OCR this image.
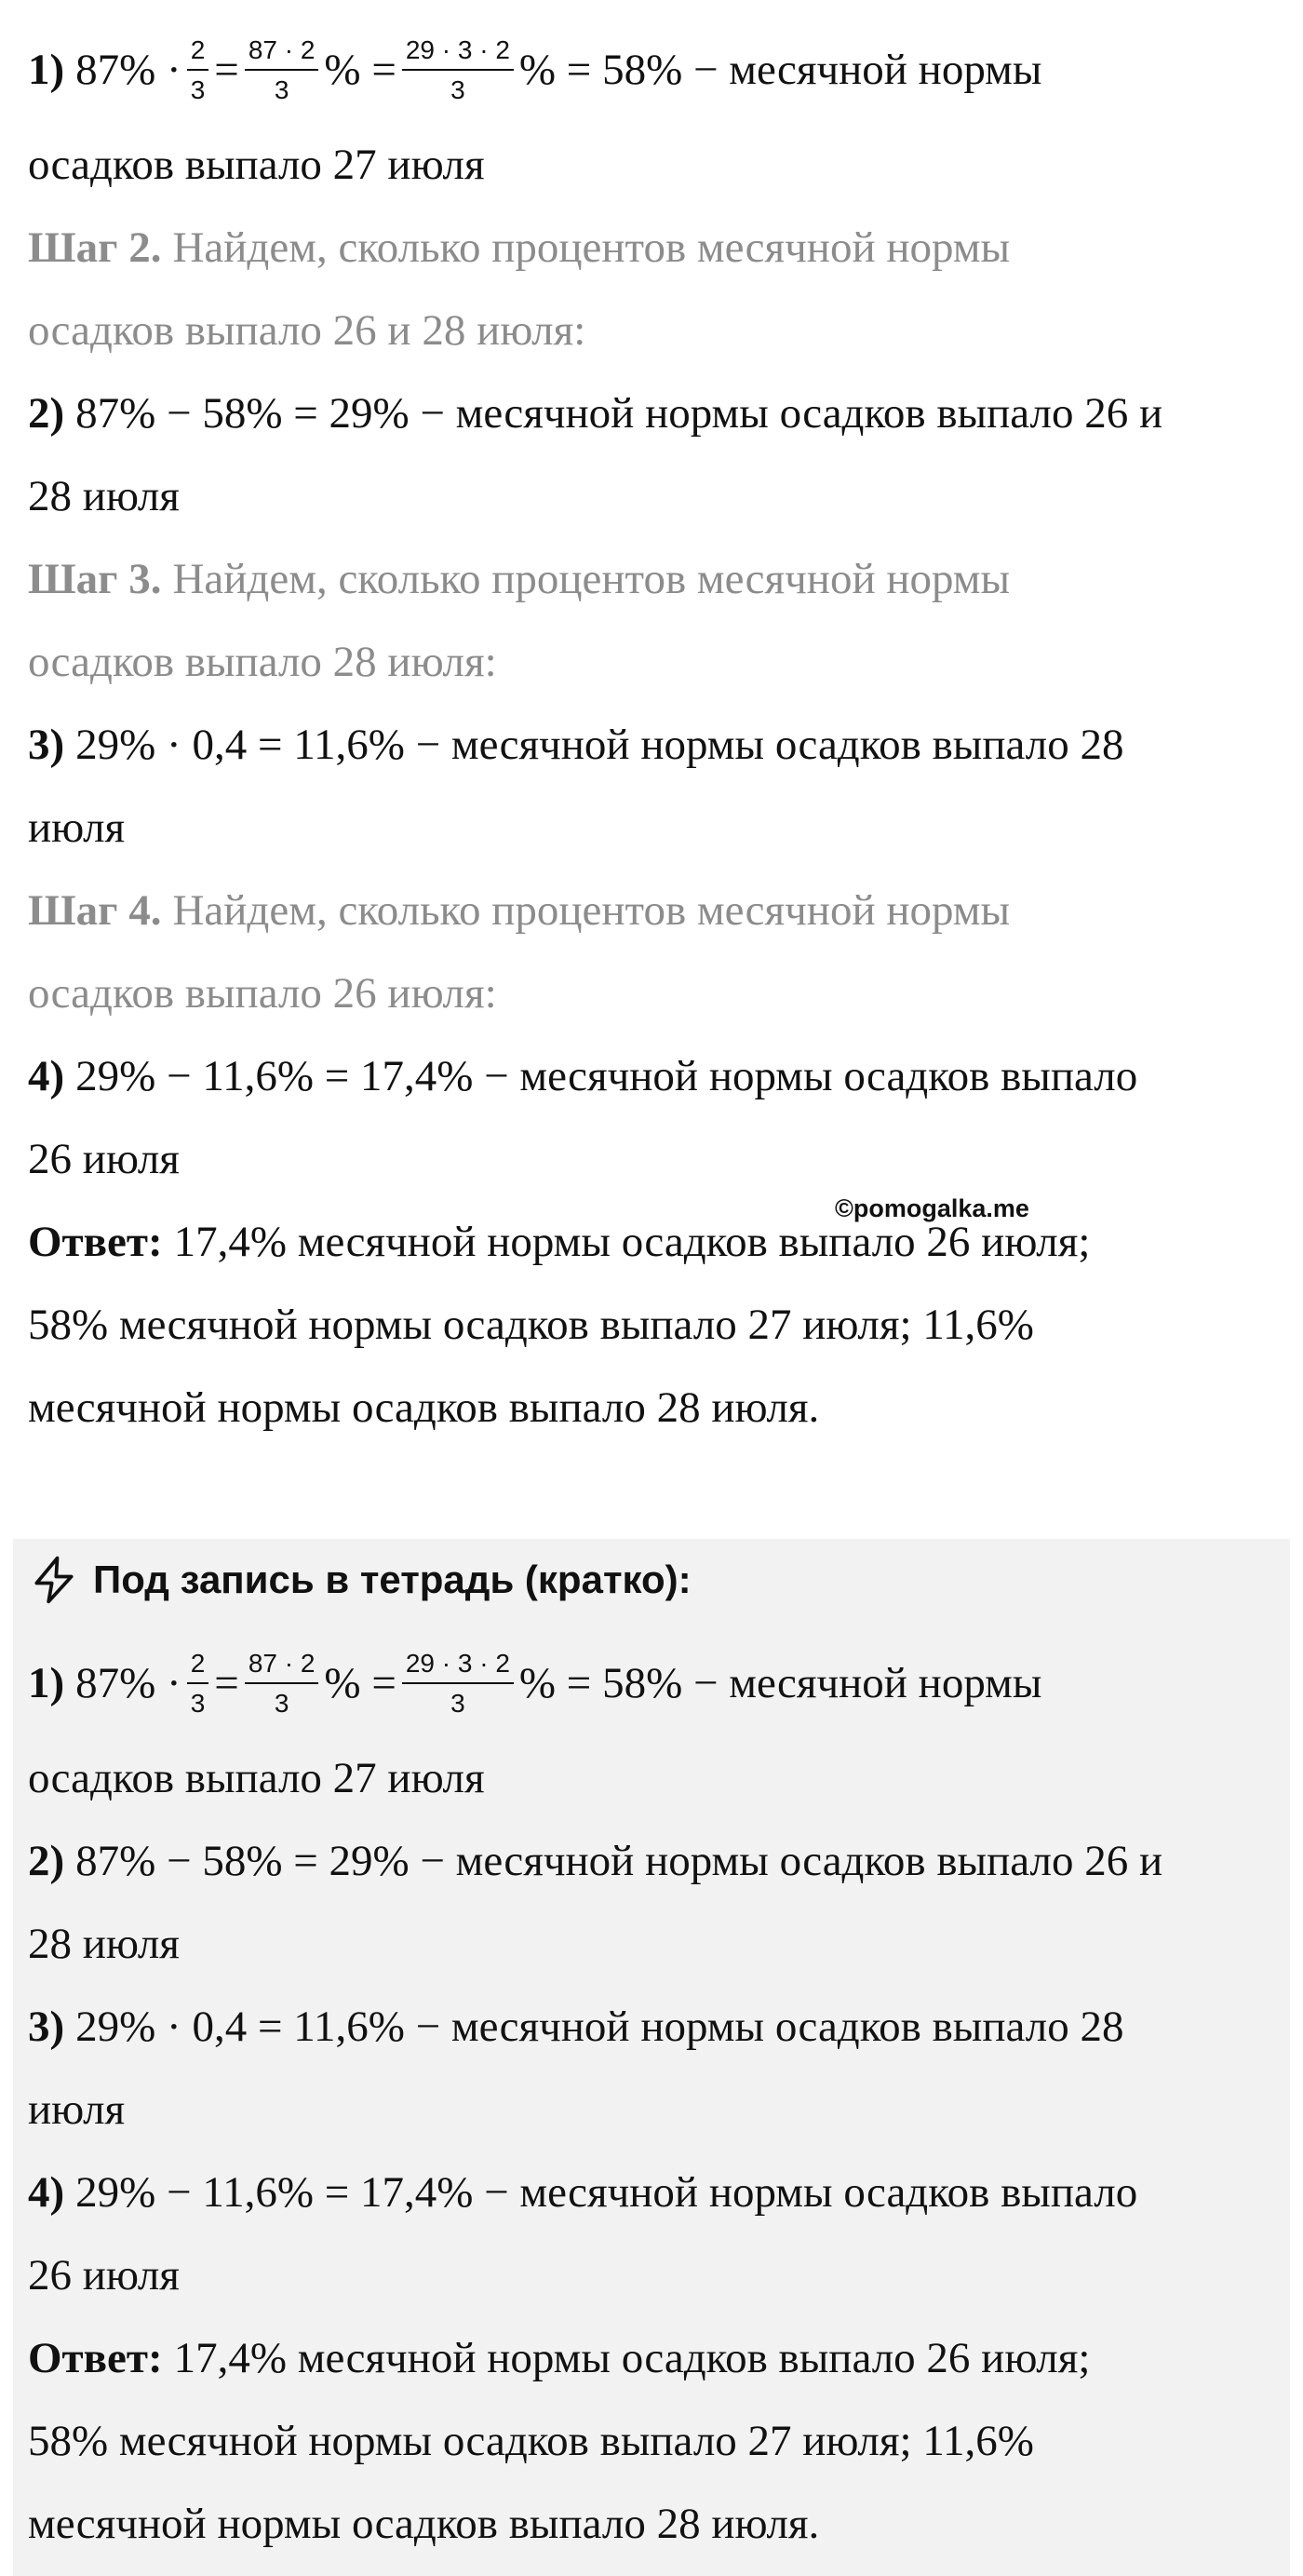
1) $87\% \cdot \frac{2}{3} = \frac{87 \cdot 2}{3}$ % = $\frac{29 \cdot 3 \cdot 2}{3}$ % = 58% − месячной нормы
осадков выпало 27 июля
Шаг 2. Найдем, сколько процентов месячной нормы
осадков выпало 26 и 28 июля:
2) 87% − 58% = 29% − месячной нормы осадков выпало 26 и
28 июля
Шаг 3. Найдем, сколько процентов месячной нормы
осадков выпало 28 июля:
3) 29% · 0,4 = 11,6% − месячной нормы осадков выпало 28
июля
Шаг 4. Найдем, сколько процентов месячной нормы
осадков выпало 26 июля:
4) 29% − 11,6% = 17,4% − месячной нормы осадков выпало
26 июля
©pomogalka.me
Ответ: 17,4% месячной нормы осадков выпало 26 июля;
58% месячной нормы осадков выпало 27 июля; 11,6%
месячной нормы осадков выпало 28 июля.
Под запись в тетрадь (кратко):
1) $87\% \cdot \frac{2}{3} = \frac{87 \cdot 2}{3}$ % = $\frac{29 \cdot 3 \cdot 2}{3}$ % = 58% − месячной нормы
осадков выпало 27 июля
2) 87% − 58% = 29% − месячной нормы осадков выпало 26 и
28 июля
3) 29% · 0,4 = 11,6% − месячной нормы осадков выпало 28
июля
4) 29% − 11,6% = 17,4% − месячной нормы осадков выпало
26 июля
Ответ: 17,4% месячной нормы осадков выпало 26 июля;
58% месячной нормы осадков выпало 27 июля; 11,6%
месячной нормы осадков выпало 28 июля.
